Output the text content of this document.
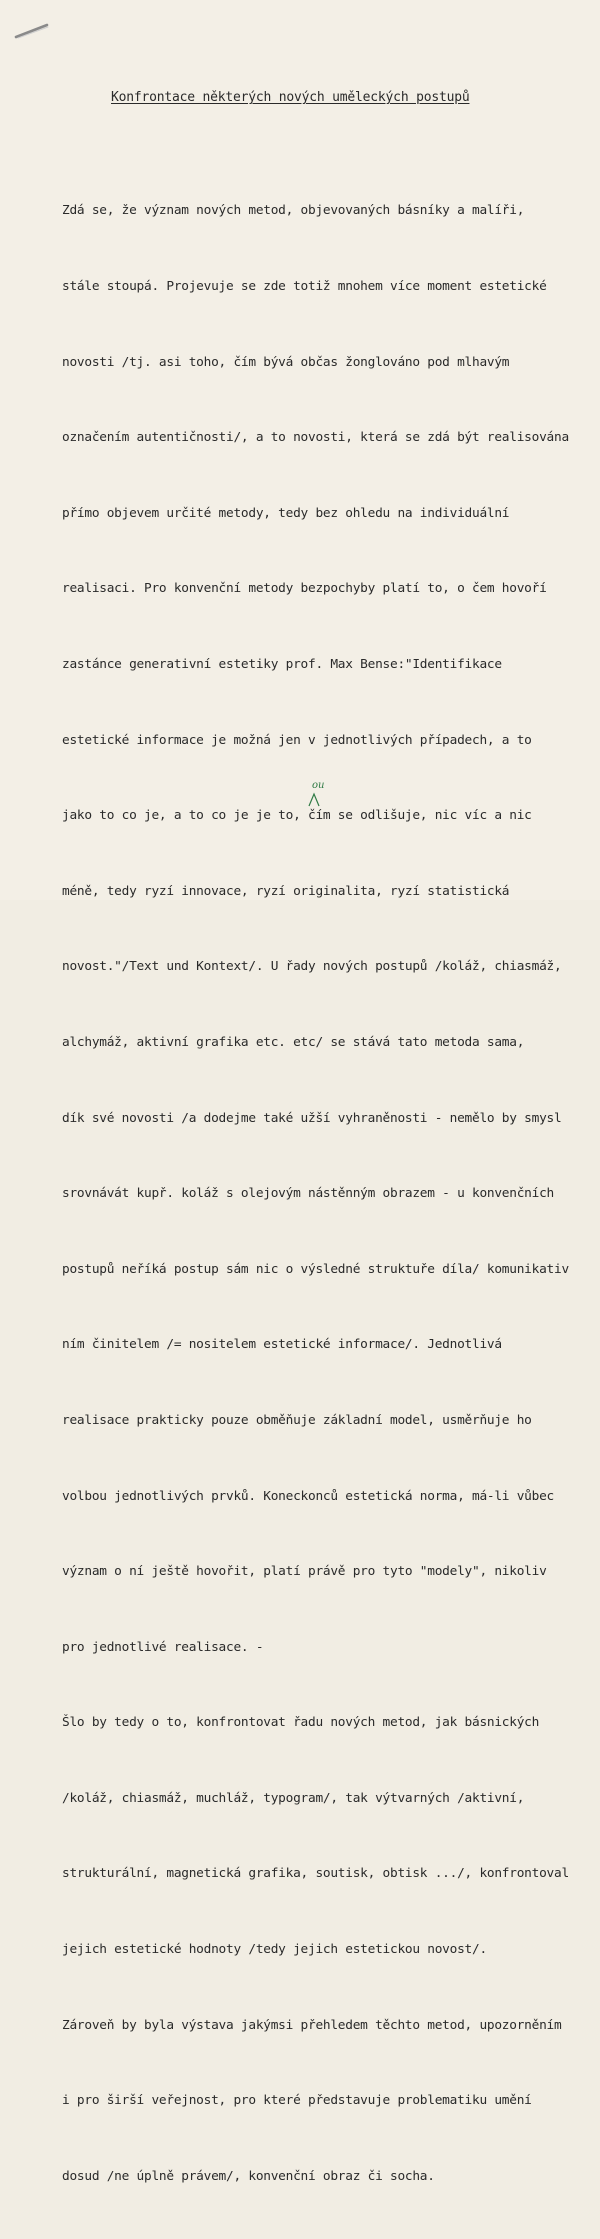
Konfrontace některých nových uměleckých postupů

Zdá se, že význam nových metod, objevovaných básníky a malíři,

stále stoupá. Projevuje se zde totiž mnohem více moment estetické

novosti /tj. asi toho, čím bývá občas žonglováno pod mlhavým

označením autentičnosti/, a to novosti, která se zdá být realisována

přímo objevem určité metody, tedy bez ohledu na individuální

realisaci. Pro konvenční metody bezpochyby platí to, o čem hovoří

zastánce generativní estetiky prof. Max Bense:"Identifikace

estetické informace je možná jen v jednotlivých případech, a to

jako to co je, a to co je je to, čím se odlišuje, nic víc a nic

méně, tedy ryzí innovace, ryzí originalita, ryzí statistická

novost."/Text und Kontext/. U řady nových postupů /koláž, chiasmáž,

alchymáž, aktivní grafika etc. etc/ se stává tato metoda sama,

dík své novosti /a dodejme také užší vyhraněnosti - nemělo by smysl

srovnávát kupř. koláž s olejovým nástěnným obrazem - u konvenčních

postupů neříká postup sám nic o výsledné struktuře díla/ komunikativ

ním činitelem /= nositelem estetické informace/. Jednotlivá

realisace prakticky pouze obměňuje základní model, usměrňuje ho

volbou jednotlivých prvků. Koneckonců estetická norma, má-li vůbec

význam o ní ještě hovořit, platí právě pro tyto "modely", nikoliv

pro jednotlivé realisace. -

Šlo by tedy o to, konfrontovat řadu nových metod, jak básnických

/koláž, chiasmáž, muchláž, typogram/, tak výtvarných /aktivní,

strukturální, magnetická grafika, soutisk, obtisk .../, konfrontoval

jejich estetické hodnoty /tedy jejich estetickou novost/.

Zároveň by byla výstava jakýmsi přehledem těchto metod, upozorněním

i pro širší veřejnost, pro které představuje problematiku umění

dosud /ne úplně právem/, konvenční obraz či socha.

ou
